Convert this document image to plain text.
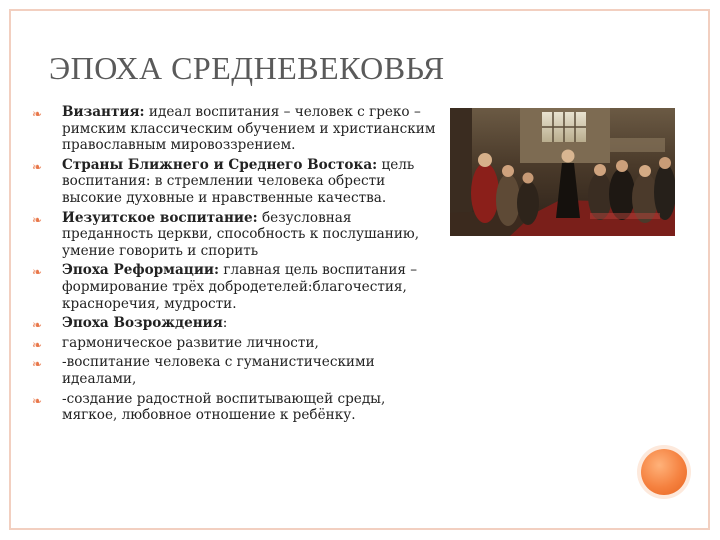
ЭПОХА СРЕДНЕВЕКОВЬЯ
❧ Византия: идеал воспитания – человек с греко – римским классическим обучением и христианским православным мировоззрением.
❧ Страны Ближнего и Среднего Востока: цель воспитания: в стремлении человека обрести высокие духовные и нравственные качества.
❧ Иезуитское воспитание: безусловная преданность церкви, способность к послушанию, умение говорить и спорить
❧ Эпоха Реформации: главная цель воспитания – формирование трёх добродетелей:благочестия, красноречия, мудрости.
❧ Эпоха Возрождения:
❧ гармоническое развитие личности,
❧ -воспитание человека с гуманистическими идеалами,
❧ -создание радостной воспитывающей среды, мягкое, любовное отношение к ребёнку.
